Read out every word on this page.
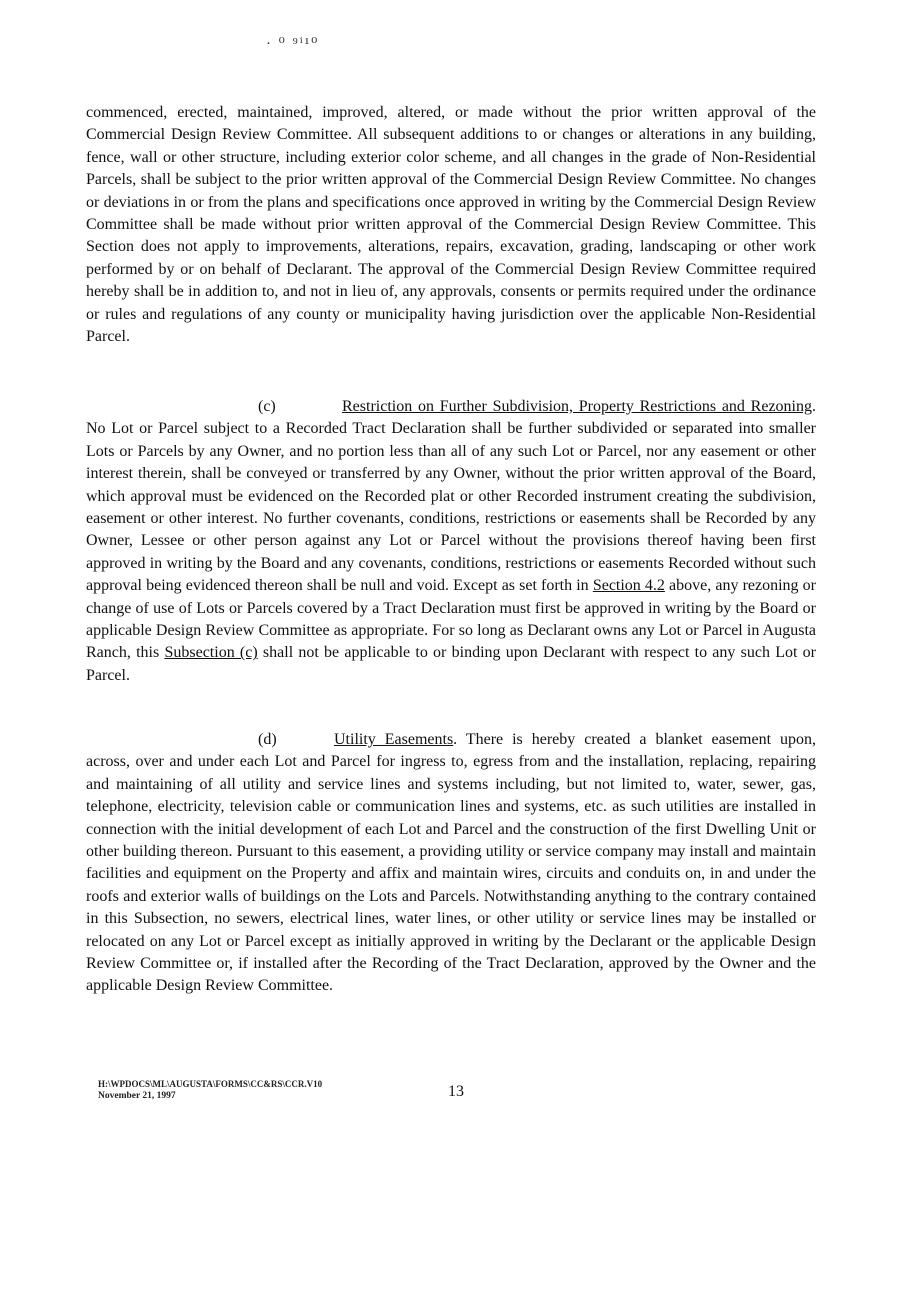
· ⁰ ⁹ⁱ¹⁰

commenced, erected, maintained, improved, altered, or made without the prior written approval of the Commercial Design Review Committee. All subsequent additions to or changes or alterations in any building, fence, wall or other structure, including exterior color scheme, and all changes in the grade of Non-Residential Parcels, shall be subject to the prior written approval of the Commercial Design Review Committee. No changes or deviations in or from the plans and specifications once approved in writing by the Commercial Design Review Committee shall be made without prior written approval of the Commercial Design Review Committee. This Section does not apply to improvements, alterations, repairs, excavation, grading, landscaping or other work performed by or on behalf of Declarant. The approval of the Commercial Design Review Committee required hereby shall be in addition to, and not in lieu of, any approvals, consents or permits required under the ordinance or rules and regulations of any county or municipality having jurisdiction over the applicable Non-Residential Parcel.

(c)	Restriction on Further Subdivision, Property Restrictions and Rezoning. No Lot or Parcel subject to a Recorded Tract Declaration shall be further subdivided or separated into smaller Lots or Parcels by any Owner, and no portion less than all of any such Lot or Parcel, nor any easement or other interest therein, shall be conveyed or transferred by any Owner, without the prior written approval of the Board, which approval must be evidenced on the Recorded plat or other Recorded instrument creating the subdivision, easement or other interest. No further covenants, conditions, restrictions or easements shall be Recorded by any Owner, Lessee or other person against any Lot or Parcel without the provisions thereof having been first approved in writing by the Board and any covenants, conditions, restrictions or easements Recorded without such approval being evidenced thereon shall be null and void. Except as set forth in Section 4.2 above, any rezoning or change of use of Lots or Parcels covered by a Tract Declaration must first be approved in writing by the Board or applicable Design Review Committee as appropriate. For so long as Declarant owns any Lot or Parcel in Augusta Ranch, this Subsection (c) shall not be applicable to or binding upon Declarant with respect to any such Lot or Parcel.

(d)	Utility Easements. There is hereby created a blanket easement upon, across, over and under each Lot and Parcel for ingress to, egress from and the installation, replacing, repairing and maintaining of all utility and service lines and systems including, but not limited to, water, sewer, gas, telephone, electricity, television cable or communication lines and systems, etc. as such utilities are installed in connection with the initial development of each Lot and Parcel and the construction of the first Dwelling Unit or other building thereon. Pursuant to this easement, a providing utility or service company may install and maintain facilities and equipment on the Property and affix and maintain wires, circuits and conduits on, in and under the roofs and exterior walls of buildings on the Lots and Parcels. Notwithstanding anything to the contrary contained in this Subsection, no sewers, electrical lines, water lines, or other utility or service lines may be installed or relocated on any Lot or Parcel except as initially approved in writing by the Declarant or the applicable Design Review Committee or, if installed after the Recording of the Tract Declaration, approved by the Owner and the applicable Design Review Committee.

H:\WPDOCS\ML\AUGUSTA\FORMS\CC&RS\CCR.V10
November 21, 1997	13
